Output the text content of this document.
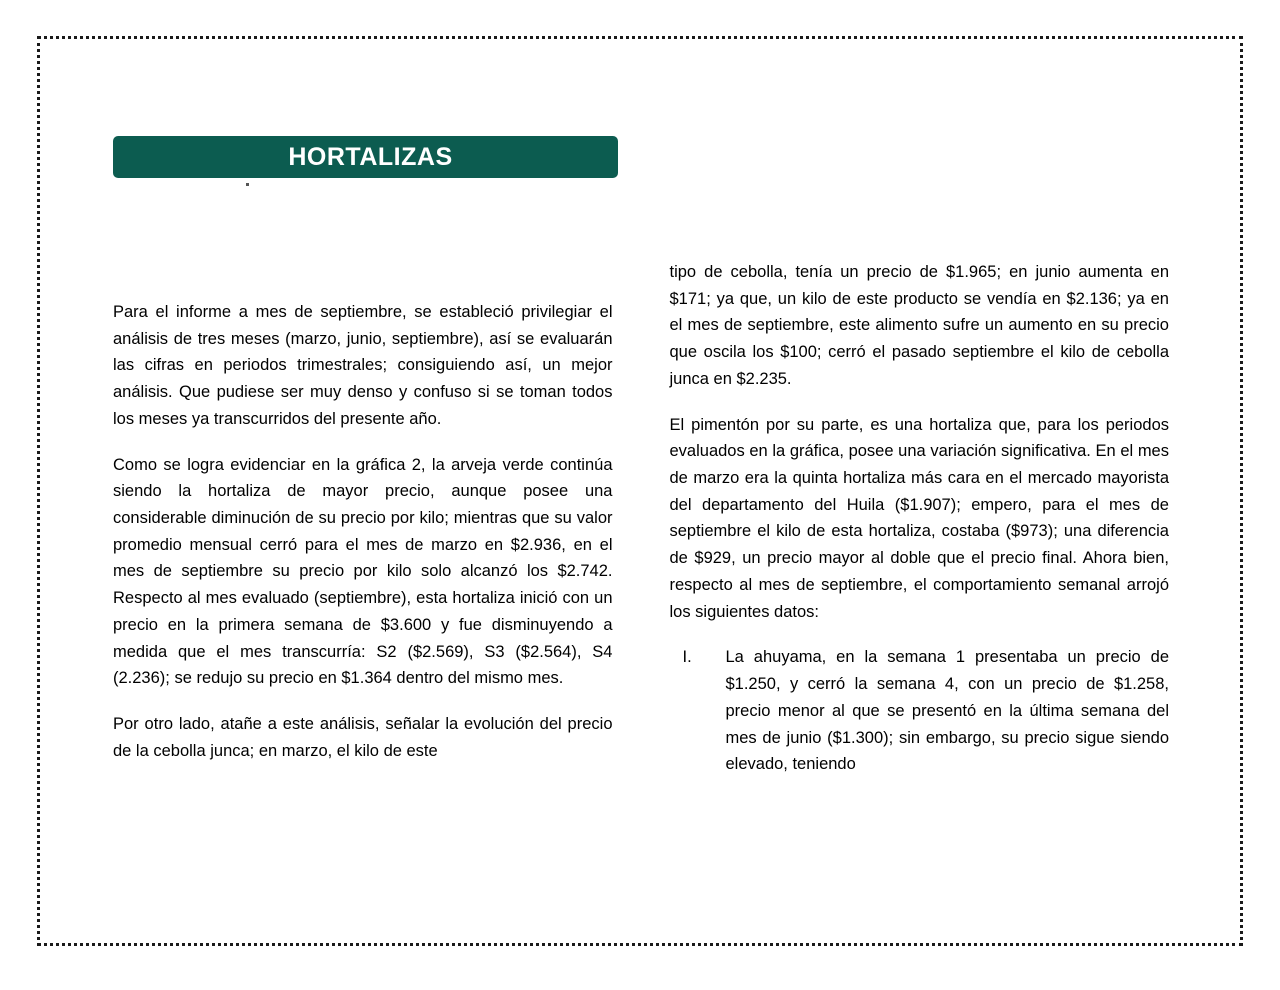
HORTALIZAS

Para el informe a mes de septiembre, se estableció privilegiar el análisis de tres meses (marzo, junio, septiembre), así se evaluarán las cifras en periodos trimestrales; consiguiendo así, un mejor análisis. Que pudiese ser muy denso y confuso si se toman todos los meses ya transcurridos del presente año.

Como se logra evidenciar en la gráfica 2, la arveja verde continúa siendo la hortaliza de mayor precio, aunque posee una considerable diminución de su precio por kilo; mientras que su valor promedio mensual cerró para el mes de marzo en $2.936, en el mes de septiembre su precio por kilo solo alcanzó los $2.742. Respecto al mes evaluado (septiembre), esta hortaliza inició con un precio en la primera semana de $3.600 y fue disminuyendo a medida que el mes transcurría: S2 ($2.569), S3 ($2.564), S4 (2.236); se redujo su precio en $1.364 dentro del mismo mes.

Por otro lado, atañe a este análisis, señalar la evolución del precio de la cebolla junca; en marzo, el kilo de este

tipo de cebolla, tenía un precio de $1.965; en junio aumenta en $171; ya que, un kilo de este producto se vendía en $2.136; ya en el mes de septiembre, este alimento sufre un aumento en su precio que oscila los $100; cerró el pasado septiembre el kilo de cebolla junca en $2.235.

El pimentón por su parte, es una hortaliza que, para los periodos evaluados en la gráfica, posee una variación significativa. En el mes de marzo era la quinta hortaliza más cara en el mercado mayorista del departamento del Huila ($1.907); empero, para el mes de septiembre el kilo de esta hortaliza, costaba ($973); una diferencia de $929, un precio mayor al doble que el precio final. Ahora bien, respecto al mes de septiembre, el comportamiento semanal arrojó los siguientes datos:

I.	La ahuyama, en la semana 1 presentaba un precio de $1.250, y cerró la semana 4, con un precio de $1.258, precio menor al que se presentó en la última semana del mes de junio ($1.300); sin embargo, su precio sigue siendo elevado, teniendo
